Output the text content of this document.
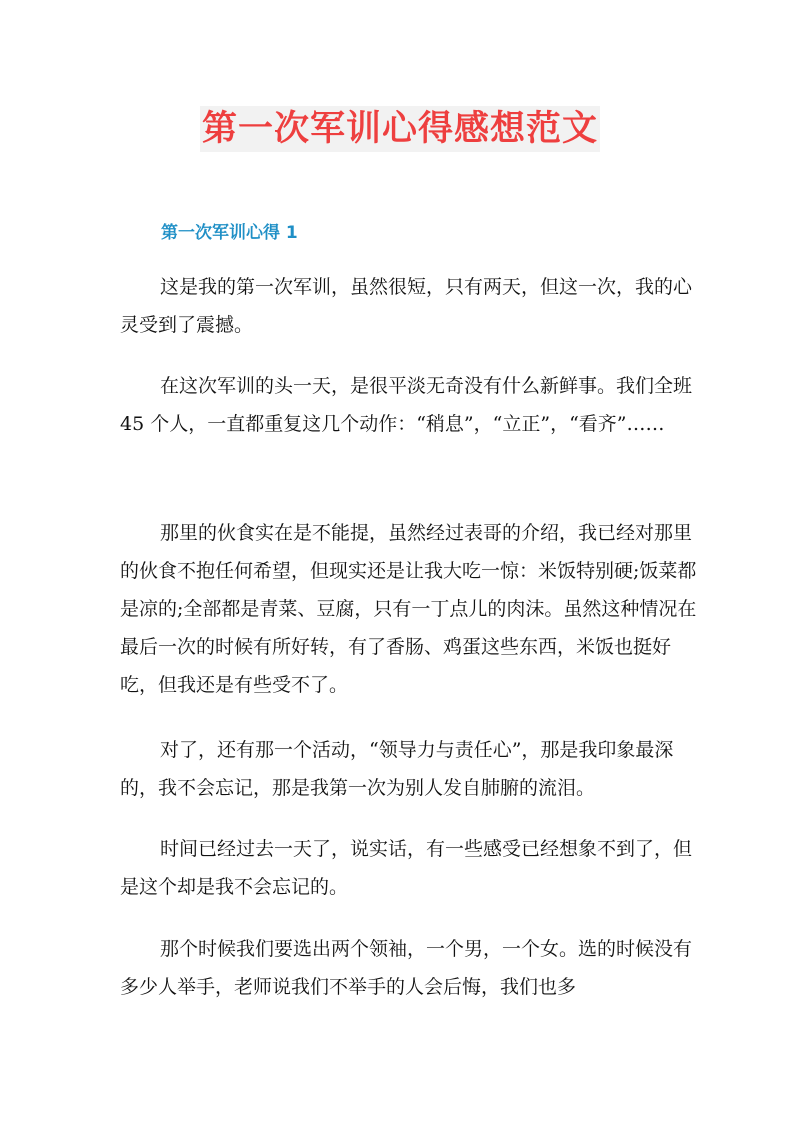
第一次军训心得感想范文
第一次军训心得 1

这是我的第一次军训，虽然很短，只有两天，但这一次，我的心灵受到了震撼。

在这次军训的头一天，是很平淡无奇没有什么新鲜事。我们全班 45 个人，一直都重复这几个动作：“稍息”，“立正”，“看齐”……

那里的伙食实在是不能提，虽然经过表哥的介绍，我已经对那里的伙食不抱任何希望，但现实还是让我大吃一惊：米饭特别硬;饭菜都是凉的;全部都是青菜、豆腐，只有一丁点儿的肉沫。虽然这种情况在最后一次的时候有所好转，有了香肠、鸡蛋这些东西，米饭也挺好吃，但我还是有些受不了。

对了，还有那一个活动，“领导力与责任心”，那是我印象最深的，我不会忘记，那是我第一次为别人发自肺腑的流泪。

时间已经过去一天了，说实话，有一些感受已经想象不到了，但是这个却是我不会忘记的。

那个时候我们要选出两个领袖，一个男，一个女。选的时候没有多少人举手，老师说我们不举手的人会后悔，我们也多
